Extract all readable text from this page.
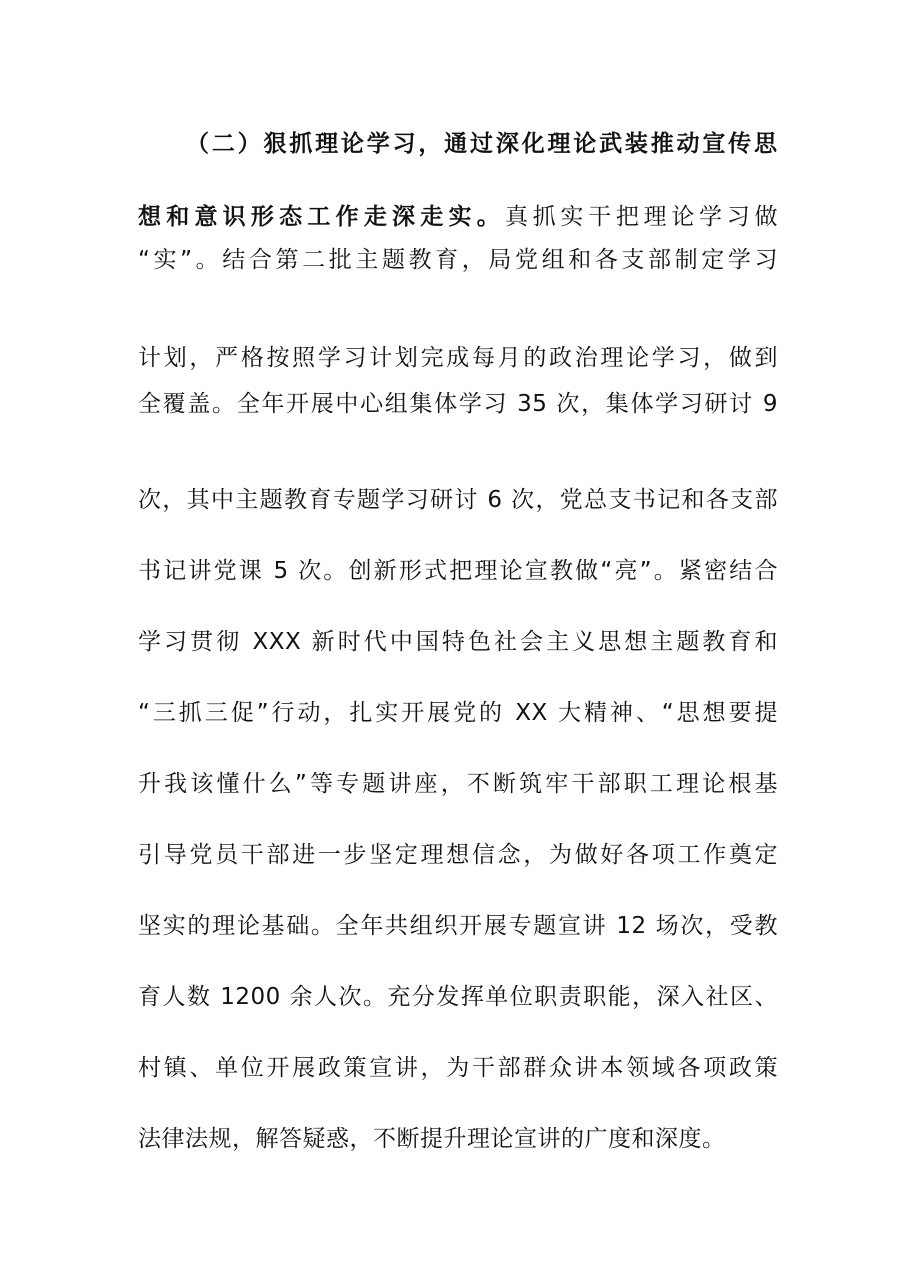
（二）狠抓理论学习，通过深化理论武装推动宣传思
想和意识形态工作走深走实。真抓实干把理论学习做
“实”。结合第二批主题教育，局党组和各支部制定学习
计划，严格按照学习计划完成每月的政治理论学习，做到
全覆盖。全年开展中心组集体学习 35 次，集体学习研讨 9
次，其中主题教育专题学习研讨 6 次，党总支书记和各支部
书记讲党课 5 次。创新形式把理论宣教做“亮”。紧密结合
学习贯彻 XXX 新时代中国特色社会主义思想主题教育和
“三抓三促”行动，扎实开展党的 XX 大精神、“思想要提
升我该懂什么”等专题讲座，不断筑牢干部职工理论根基
引导党员干部进一步坚定理想信念，为做好各项工作奠定
坚实的理论基础。全年共组织开展专题宣讲 12 场次，受教
育人数 1200 余人次。充分发挥单位职责职能，深入社区、
村镇、单位开展政策宣讲，为干部群众讲本领域各项政策
法律法规，解答疑惑，不断提升理论宣讲的广度和深度。
